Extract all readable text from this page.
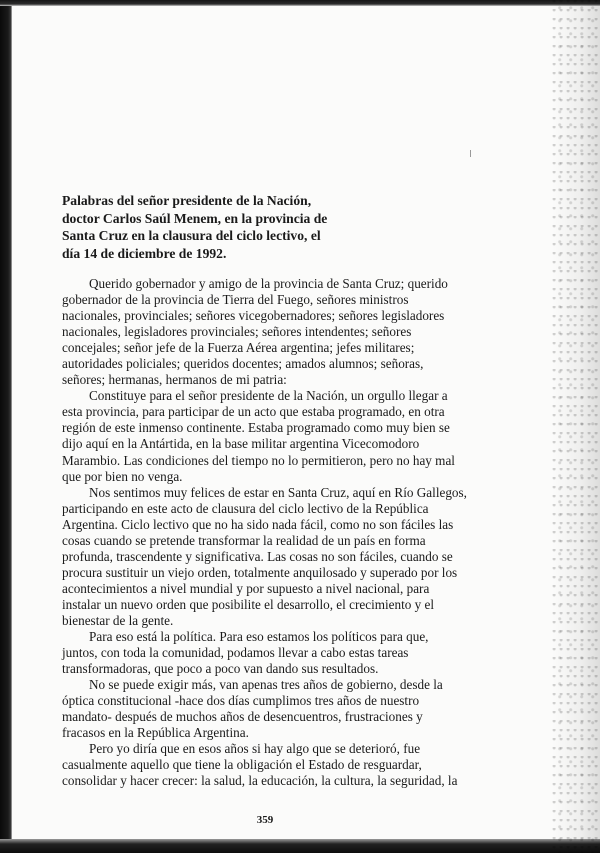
Palabras del señor presidente de la Nación,
doctor Carlos Saúl Menem, en la provincia de
Santa Cruz en la clausura del ciclo lectivo, el
día 14 de diciembre de 1992.
Querido gobernador y amigo de la provincia de Santa Cruz; querido
gobernador de la provincia de Tierra del Fuego, señores ministros
nacionales, provinciales; señores vicegobernadores; señores legisladores
nacionales, legisladores provinciales; señores intendentes; señores
concejales; señor jefe de la Fuerza Aérea argentina; jefes militares;
autoridades policiales; queridos docentes; amados alumnos; señoras,
señores; hermanas, hermanos de mi patria:
Constituye para el señor presidente de la Nación, un orgullo llegar a
esta provincia, para participar de un acto que estaba programado, en otra
región de este inmenso continente. Estaba programado como muy bien se
dijo aquí en la Antártida, en la base militar argentina Vicecomodoro
Marambio. Las condiciones del tiempo no lo permitieron, pero no hay mal
que por bien no venga.
Nos sentimos muy felices de estar en Santa Cruz, aquí en Río Gallegos,
participando en este acto de clausura del ciclo lectivo de la República
Argentina. Ciclo lectivo que no ha sido nada fácil, como no son fáciles las
cosas cuando se pretende transformar la realidad de un país en forma
profunda, trascendente y significativa. Las cosas no son fáciles, cuando se
procura sustituir un viejo orden, totalmente anquilosado y superado por los
acontecimientos a nivel mundial y por supuesto a nivel nacional, para
instalar un nuevo orden que posibilite el desarrollo, el crecimiento y el
bienestar de la gente.
Para eso está la política. Para eso estamos los políticos para que,
juntos, con toda la comunidad, podamos llevar a cabo estas tareas
transformadoras, que poco a poco van dando sus resultados.
No se puede exigir más, van apenas tres años de gobierno, desde la
óptica constitucional -hace dos días cumplimos tres años de nuestro
mandato- después de muchos años de desencuentros, frustraciones y
fracasos en la República Argentina.
Pero yo diría que en esos años si hay algo que se deterioró, fue
casualmente aquello que tiene la obligación el Estado de resguardar,
consolidar y hacer crecer: la salud, la educación, la cultura, la seguridad, la
359
